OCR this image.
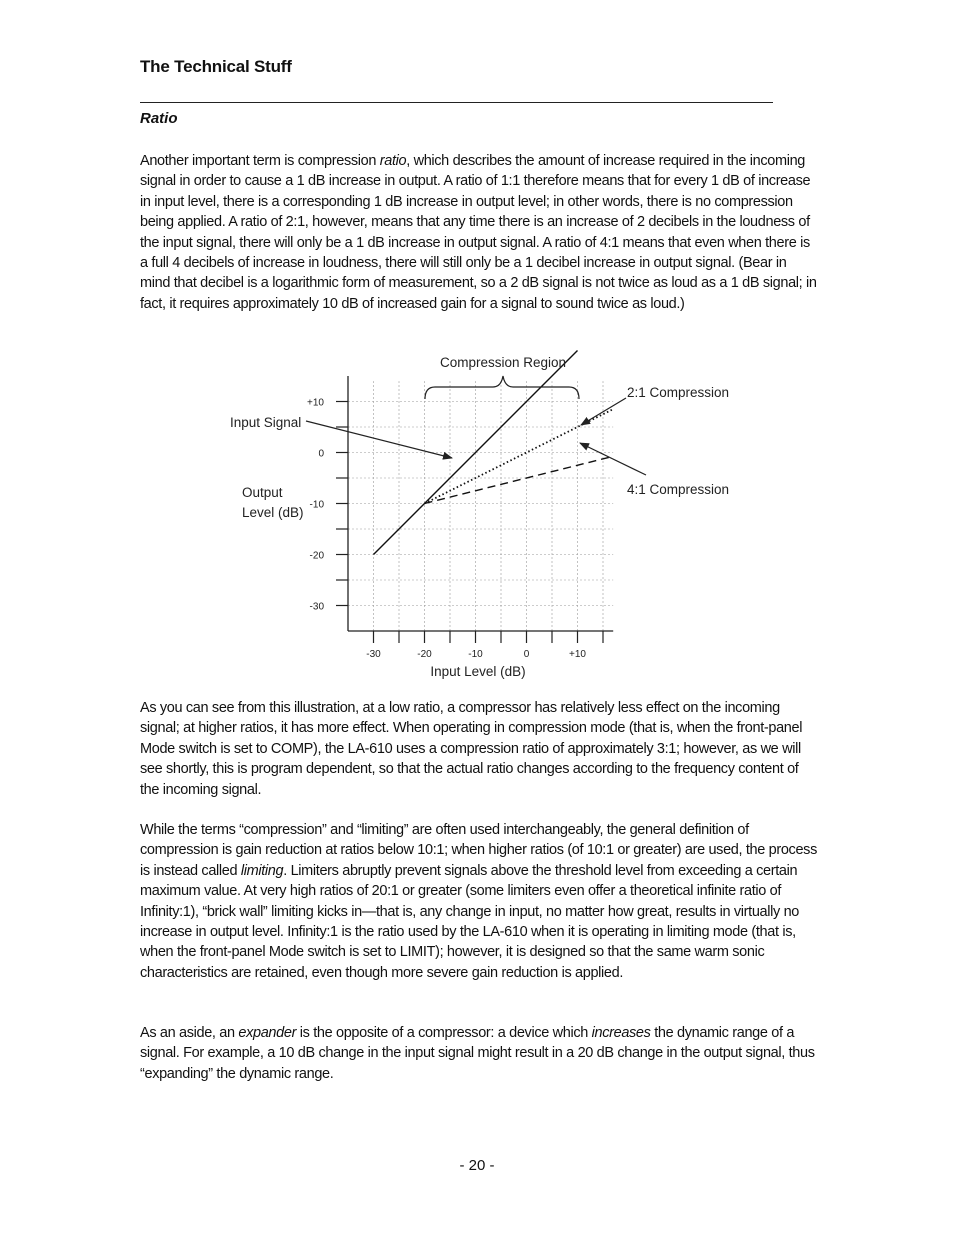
The Technical Stuff
Ratio

Another important term is compression ratio, which describes the amount of increase required in the incoming signal in order to cause a 1 dB increase in output. A ratio of 1:1 therefore means that for every 1 dB of increase in input level, there is a corresponding 1 dB increase in output level; in other words, there is no compression being applied. A ratio of 2:1, however, means that any time there is an increase of 2 decibels in the loudness of the input signal, there will only be a 1 dB increase in output signal. A ratio of 4:1 means that even when there is a full 4 decibels of increase in loudness, there will still only be a 1 decibel increase in output signal. (Bear in mind that decibel is a logarithmic form of measurement, so a 2 dB signal is not twice as loud as a 1 dB signal; in fact, it requires approximately 10 dB of increased gain for a signal to sound twice as loud.)

-30	-20	-10	0	+10
+10
0
-10
-20
-30
Compression Region
Input Signal
2:1 Compression
4:1 Compression
Output
Level (dB)
Input Level (dB)

As you can see from this illustration, at a low ratio, a compressor has relatively less effect on the incoming signal; at higher ratios, it has more effect. When operating in compression mode (that is, when the front-panel Mode switch is set to COMP), the LA-610 uses a compression ratio of approximately 3:1; however, as we will see shortly, this is program dependent, so that the actual ratio changes according to the frequency content of the incoming signal.

While the terms “compression” and “limiting” are often used interchangeably, the general definition of compression is gain reduction at ratios below 10:1; when higher ratios (of 10:1 or greater) are used, the process is instead called limiting. Limiters abruptly prevent signals above the threshold level from exceeding a certain maximum value. At very high ratios of 20:1 or greater (some limiters even offer a theoretical infinite ratio of Infinity:1), “brick wall” limiting kicks in—that is, any change in input, no matter how great, results in virtually no increase in output level. Infinity:1 is the ratio used by the LA-610 when it is operating in limiting mode (that is, when the front-panel Mode switch is set to LIMIT); however, it is designed so that the same warm sonic characteristics are retained, even though more severe gain reduction is applied.

As an aside, an expander is the opposite of a compressor: a device which increases the dynamic range of a signal. For example, a 10 dB change in the input signal might result in a 20 dB change in the output signal, thus “expanding” the dynamic range.

- 20 -
